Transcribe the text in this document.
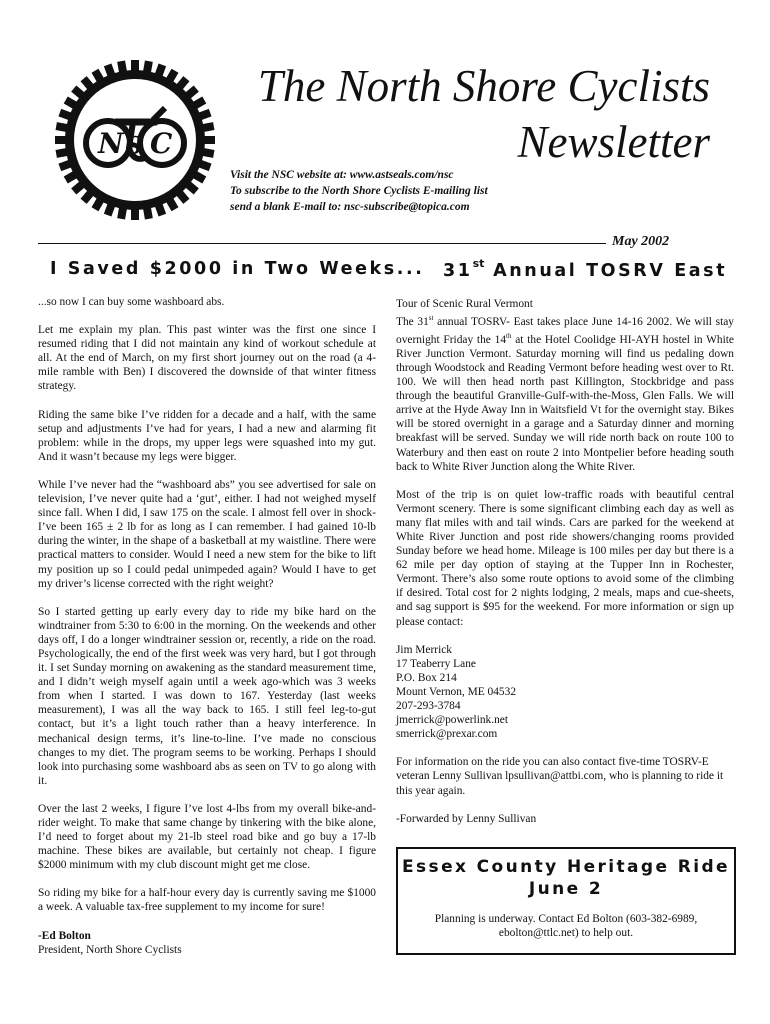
N C
S
The North Shore Cyclists
Newsletter
Visit the NSC website at: www.astseals.com/nsc
To subscribe to the North Shore Cyclists E-mailing list
send a blank E-mail to: nsc-subscribe@topica.com
May 2002
I Saved $2000 in Two Weeks... 31st Annual TOSRV East

...so now I can buy some washboard abs.

Let me explain my plan. This past winter was the first one since I resumed riding that I did not maintain any kind of workout schedule at all. At the end of March, on my first short journey out on the road (a 4-mile ramble with Ben) I discovered the downside of that winter fitness strategy.

Riding the same bike I’ve ridden for a decade and a half, with the same setup and adjustments I’ve had for years, I had a new and alarming fit problem: while in the drops, my upper legs were squashed into my gut. And it wasn’t because my legs were bigger.

While I’ve never had the “washboard abs” you see advertised for sale on television, I’ve never quite had a ‘gut’, either. I had not weighed myself since fall. When I did, I saw 175 on the scale. I almost fell over in shock- I’ve been 165 ± 2 lb for as long as I can remember. I had gained 10-lb during the winter, in the shape of a basketball at my waistline. There were practical matters to consider. Would I need a new stem for the bike to lift my position up so I could pedal unimpeded again? Would I have to get my driver’s license corrected with the right weight?

So I started getting up early every day to ride my bike hard on the windtrainer from 5:30 to 6:00 in the morning. On the weekends and other days off, I do a longer windtrainer session or, recently, a ride on the road. Psychologically, the end of the first week was very hard, but I got through it. I set Sunday morning on awakening as the standard measurement time, and I didn’t weigh myself again until a week ago-which was 3 weeks from when I started. I was down to 167. Yesterday (last weeks measurement), I was all the way back to 165. I still feel leg-to-gut contact, but it’s a light touch rather than a heavy interference. In mechanical design terms, it’s line-to-line. I’ve made no conscious changes to my diet. The program seems to be working. Perhaps I should look into purchasing some washboard abs as seen on TV to go along with it.

Over the last 2 weeks, I figure I’ve lost 4-lbs from my overall bike-and-rider weight. To make that same change by tinkering with the bike alone, I’d need to forget about my 21-lb steel road bike and go buy a 17-lb machine. These bikes are available, but certainly not cheap. I figure $2000 minimum with my club discount might get me close.

So riding my bike for a half-hour every day is currently saving me $1000 a week. A valuable tax-free supplement to my income for sure!

-Ed Bolton
President, North Shore Cyclists
Tour of Scenic Rural Vermont

The 31st annual TOSRV- East takes place June 14-16 2002. We will stay overnight Friday the 14th at the Hotel Coolidge HI-AYH hostel in White River Junction Vermont. Saturday morning will find us pedaling down through Woodstock and Reading Vermont before heading west over to Rt. 100. We will then head north past Killington, Stockbridge and pass through the beautiful Granville-Gulf-with-the-Moss, Glen Falls. We will arrive at the Hyde Away Inn in Waitsfield Vt for the overnight stay. Bikes will be stored overnight in a garage and a Saturday dinner and morning breakfast will be served. Sunday we will ride north back on route 100 to Waterbury and then east on route 2 into Montpelier before heading south back to White River Junction along the White River.

Most of the trip is on quiet low-traffic roads with beautiful central Vermont scenery. There is some significant climbing each day as well as many flat miles with and tail winds. Cars are parked for the weekend at White River Junction and post ride showers/changing rooms provided Sunday before we head home. Mileage is 100 miles per day but there is a 62 mile per day option of staying at the Tupper Inn in Rochester, Vermont. There’s also some route options to avoid some of the climbing if desired. Total cost for 2 nights lodging, 2 meals, maps and cue-sheets, and sag support is $95 for the weekend. For more information or sign up please contact:

Jim Merrick
17 Teaberry Lane
P.O. Box 214
Mount Vernon, ME 04532
207-293-3784
jmerrick@powerlink.net
smerrick@prexar.com

For information on the ride you can also contact five-time TOSRV-E veteran Lenny Sullivan lpsullivan@attbi.com, who is planning to ride it this year again.

-Forwarded by Lenny Sullivan

Essex County Heritage Ride
June 2
Planning is underway. Contact Ed Bolton (603-382-6989, ebolton@ttlc.net) to help out.
